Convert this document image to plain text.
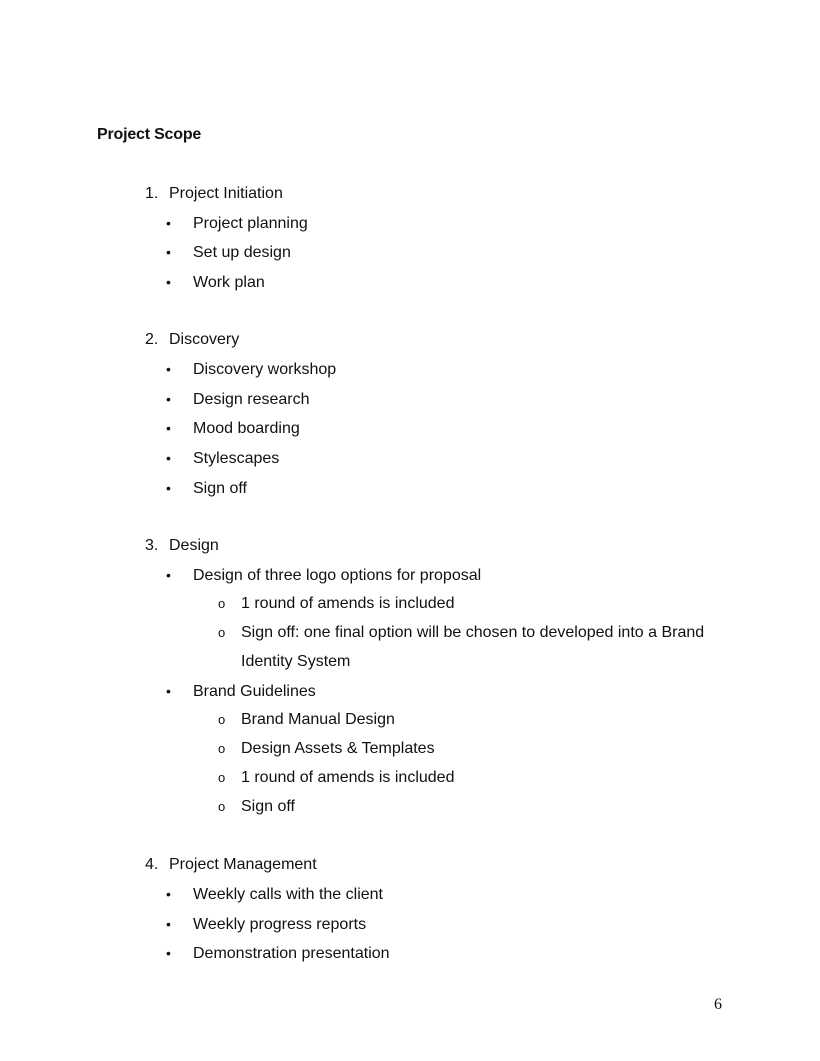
Project Scope
1. Project Initiation
• Project planning
• Set up design
• Work plan
2. Discovery
• Discovery workshop
• Design research
• Mood boarding
• Stylescapes
• Sign off
3. Design
• Design of three logo options for proposal
o 1 round of amends is included
o Sign off: one final option will be chosen to developed into a Brand
Identity System
• Brand Guidelines
o Brand Manual Design
o Design Assets & Templates
o 1 round of amends is included
o Sign off
4. Project Management
• Weekly calls with the client
• Weekly progress reports
• Demonstration presentation
6
